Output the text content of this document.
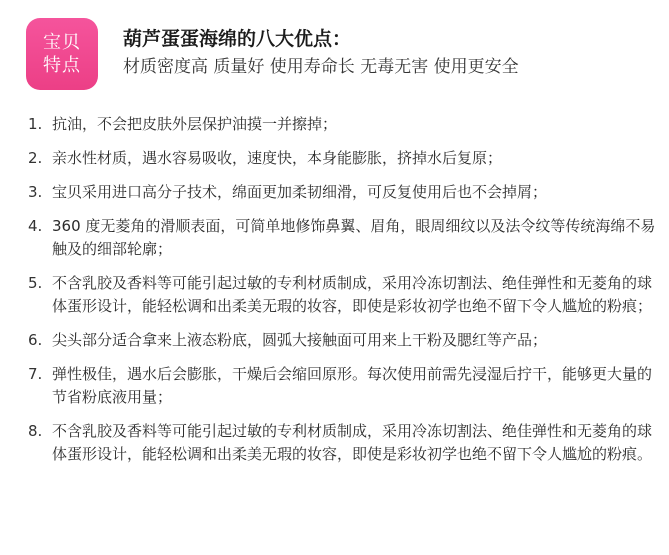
宝贝
特点
葫芦蛋蛋海绵的八大优点：
材质密度高 质量好 使用寿命长 无毒无害 使用更安全
1. 抗油，不会把皮肤外层保护油摸一并擦掉；
2. 亲水性材质，遇水容易吸收，速度快，本身能膨胀，挤掉水后复原；
3. 宝贝采用进口高分子技术，绵面更加柔韧细滑，可反复使用后也不会掉屑；
4. 360 度无菱角的滑顺表面，可简单地修饰鼻翼、眉角，眼周细纹以及法令纹等传统海绵不易触及的细部轮廓；
5. 不含乳胶及香料等可能引起过敏的专利材质制成，采用冷冻切割法、绝佳弹性和无菱角的球体蛋形设计，能轻松调和出柔美无瑕的妆容，即使是彩妆初学也绝不留下令人尴尬的粉痕；
6. 尖头部分适合拿来上液态粉底，圆弧大接触面可用来上干粉及腮红等产品；
7. 弹性极佳，遇水后会膨胀，干燥后会缩回原形。每次使用前需先浸湿后拧干，能够更大量的节省粉底液用量；
8. 不含乳胶及香料等可能引起过敏的专利材质制成，采用冷冻切割法、绝佳弹性和无菱角的球体蛋形设计，能轻松调和出柔美无瑕的妆容，即使是彩妆初学也绝不留下令人尴尬的粉痕。
